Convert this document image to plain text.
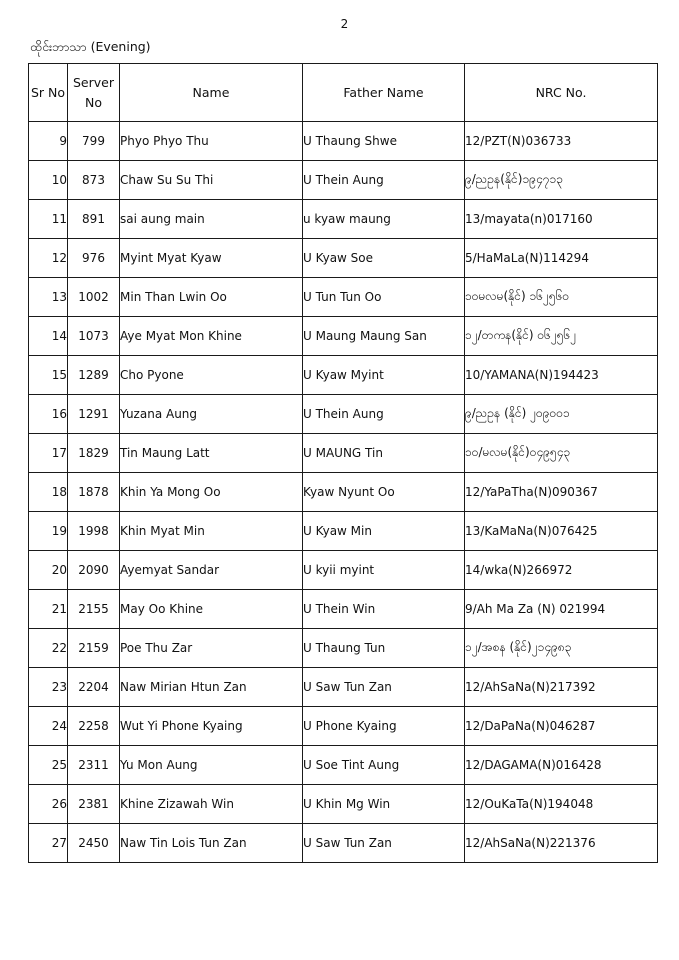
2
ထိုင်းဘာသာ (Evening)
Sr No	Server No	Name	Father Name	NRC No.
9	799	Phyo Phyo Thu	U Thaung Shwe	12/PZT(N)036733
10	873	Chaw Su Su Thi	U Thein Aung	၉/ညဥန(နိုင်)၁၉၄၇၁၃
11	891	sai aung main	u kyaw maung	13/mayata(n)017160
12	976	Myint Myat Kyaw	U Kyaw Soe	5/HaMaLa(N)114294
13	1002	Min Than Lwin Oo	U Tun Tun Oo	၁၀မလမ(နိုင်) ၁၆၂၅၆၀
14	1073	Aye Myat Mon Khine	U Maung Maung San	၁၂/တကန(နိုင်) ၀၆၂၅၆၂
15	1289	Cho Pyone	U Kyaw Myint	10/YAMANA(N)194423
16	1291	Yuzana Aung	U Thein Aung	၉/ညဥန (နိုင်) ၂၀၉၀၀၁
17	1829	Tin Maung Latt	U MAUNG Tin	၁၀/မလမ(နိုင်)၀၄၉၅၄၃
18	1878	Khin Ya Mong Oo	Kyaw Nyunt Oo	12/YaPaTha(N)090367
19	1998	Khin Myat Min	U Kyaw Min	13/KaMaNa(N)076425
20	2090	Ayemyat Sandar	U kyii myint	14/wka(N)266972
21	2155	May Oo Khine	U Thein Win	9/Ah Ma Za (N) 021994
22	2159	Poe Thu Zar	U Thaung Tun	၁၂/အစန (နိုင်)၂၁၄၉၈၃
23	2204	Naw Mirian Htun Zan	U Saw Tun Zan	12/AhSaNa(N)217392
24	2258	Wut Yi Phone Kyaing	U Phone Kyaing	12/DaPaNa(N)046287
25	2311	Yu Mon Aung	U Soe Tint Aung	12/DAGAMA(N)016428
26	2381	Khine Zizawah Win	U Khin Mg Win	12/OuKaTa(N)194048
27	2450	Naw Tin Lois Tun Zan	U Saw Tun Zan	12/AhSaNa(N)221376
